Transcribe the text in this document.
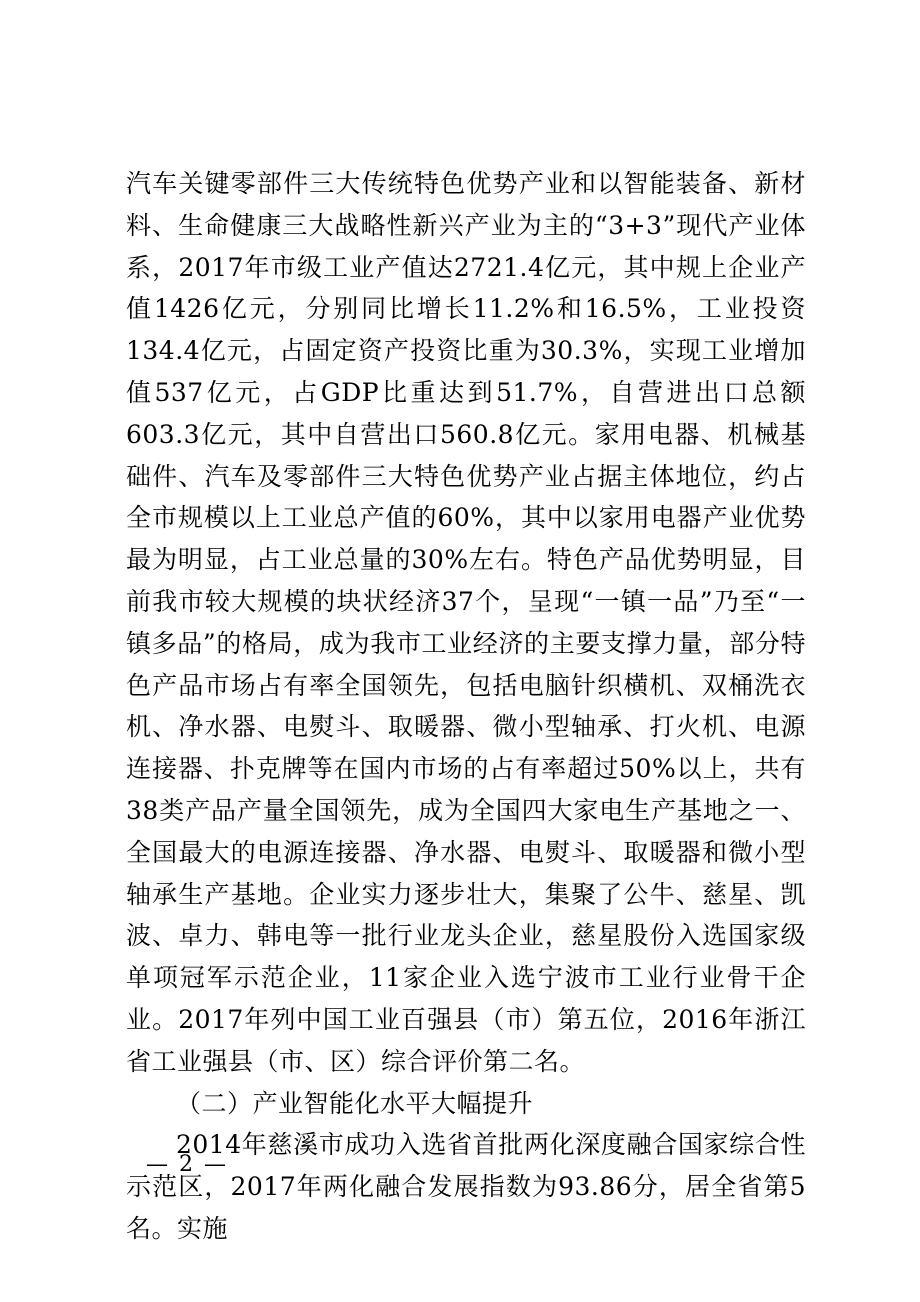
汽车关键零部件三大传统特色优势产业和以智能装备、新材料、生命健康三大战略性新兴产业为主的“3+3”现代产业体系，2017年市级工业产值达2721.4亿元，其中规上企业产值1426亿元，分别同比增长11.2%和16.5%，工业投资134.4亿元，占固定资产投资比重为30.3%，实现工业增加值537亿元，占GDP比重达到51.7%，自营进出口总额603.3亿元，其中自营出口560.8亿元。家用电器、机械基础件、汽车及零部件三大特色优势产业占据主体地位，约占全市规模以上工业总产值的60%，其中以家用电器产业优势最为明显，占工业总量的30%左右。特色产品优势明显，目前我市较大规模的块状经济37个，呈现“一镇一品”乃至“一镇多品”的格局，成为我市工业经济的主要支撑力量，部分特色产品市场占有率全国领先，包括电脑针织横机、双桶洗衣机、净水器、电熨斗、取暖器、微小型轴承、打火机、电源连接器、扑克牌等在国内市场的占有率超过50%以上，共有38类产品产量全国领先，成为全国四大家电生产基地之一、全国最大的电源连接器、净水器、电熨斗、取暖器和微小型轴承生产基地。企业实力逐步壮大，集聚了公牛、慈星、凯波、卓力、韩电等一批行业龙头企业，慈星股份入选国家级单项冠军示范企业，11家企业入选宁波市工业行业骨干企业。2017年列中国工业百强县（市）第五位，2016年浙江省工业强县（市、区）综合评价第二名。

（二）产业智能化水平大幅提升

2014年慈溪市成功入选省首批两化深度融合国家综合性示范区，2017年两化融合发展指数为93.86分，居全省第5名。实施

— 2 —
